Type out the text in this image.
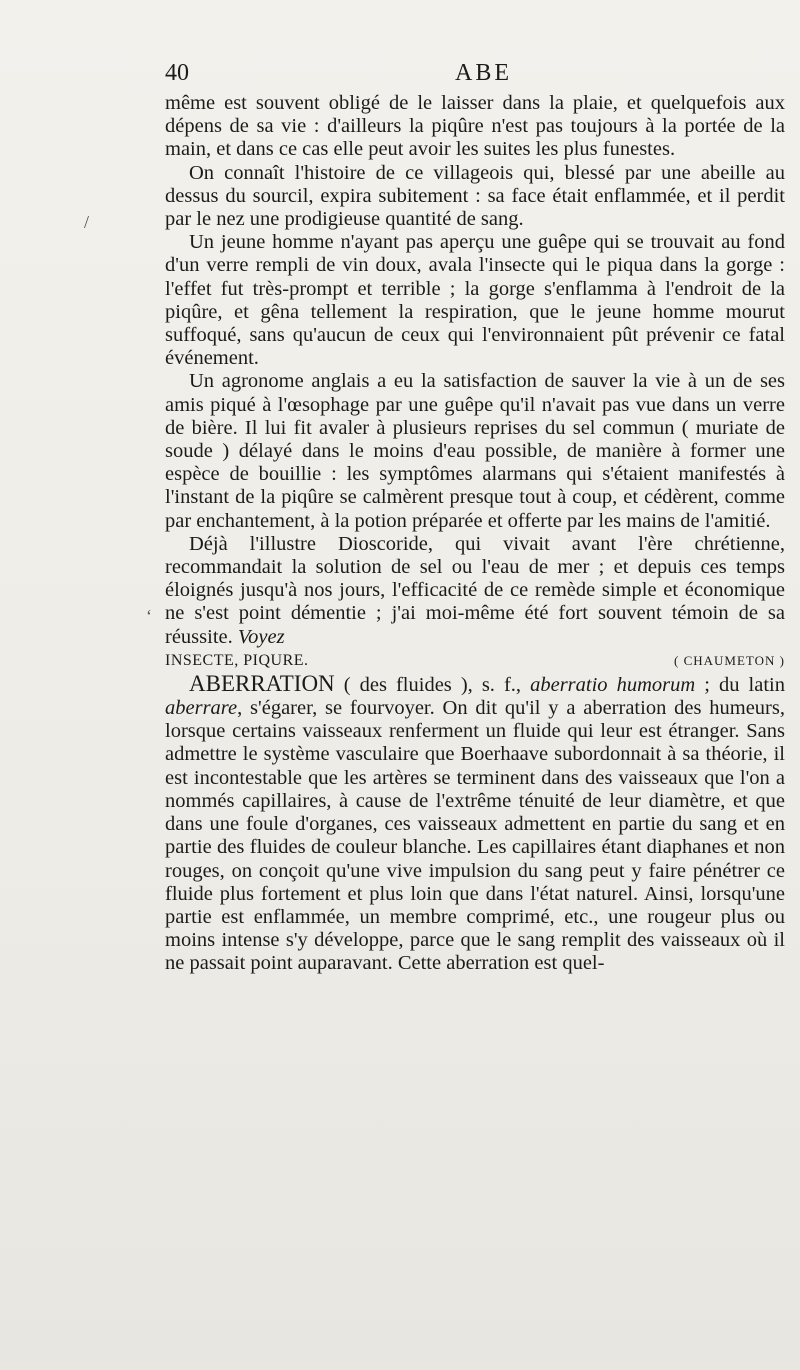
/
‘
40	ABE

même est souvent obligé de le laisser dans la plaie, et quelquefois aux dépens de sa vie : d'ailleurs la piqûre n'est pas toujours à la portée de la main, et dans ce cas elle peut avoir les suites les plus funestes.

On connaît l'histoire de ce villageois qui, blessé par une abeille au dessus du sourcil, expira subitement : sa face était enflammée, et il perdit par le nez une prodigieuse quantité de sang.

Un jeune homme n'ayant pas aperçu une guêpe qui se trouvait au fond d'un verre rempli de vin doux, avala l'insecte qui le piqua dans la gorge : l'effet fut très-prompt et terrible ; la gorge s'enflamma à l'endroit de la piqûre, et gêna tellement la respiration, que le jeune homme mourut suffoqué, sans qu'aucun de ceux qui l'environnaient pût prévenir ce fatal événement.

Un agronome anglais a eu la satisfaction de sauver la vie à un de ses amis piqué à l'œsophage par une guêpe qu'il n'avait pas vue dans un verre de bière. Il lui fit avaler à plusieurs reprises du sel commun ( muriate de soude ) délayé dans le moins d'eau possible, de manière à former une espèce de bouillie : les symptômes alarmans qui s'étaient manifestés à l'instant de la piqûre se calmèrent presque tout à coup, et cédèrent, comme par enchantement, à la potion préparée et offerte par les mains de l'amitié.

Déjà l'illustre Dioscoride, qui vivait avant l'ère chrétienne, recommandait la solution de sel ou l'eau de mer ; et depuis ces temps éloignés jusqu'à nos jours, l'efficacité de ce remède simple et économique ne s'est point démentie ; j'ai moi-même été fort souvent témoin de sa réussite. Voyez

INSECTE, PIQURE.	( CHAUMETON )

ABERRATION ( des fluides ), s. f., aberratio humorum ; du latin aberrare, s'égarer, se fourvoyer. On dit qu'il y a aberration des humeurs, lorsque certains vaisseaux renferment un fluide qui leur est étranger. Sans admettre le système vasculaire que Boerhaave subordonnait à sa théorie, il est incontestable que les artères se terminent dans des vaisseaux que l'on a nommés capillaires, à cause de l'extrême ténuité de leur diamètre, et que dans une foule d'organes, ces vaisseaux admettent en partie du sang et en partie des fluides de couleur blanche. Les capillaires étant diaphanes et non rouges, on conçoit qu'une vive impulsion du sang peut y faire pénétrer ce fluide plus fortement et plus loin que dans l'état naturel. Ainsi, lorsqu'une partie est enflammée, un membre comprimé, etc., une rougeur plus ou moins intense s'y développe, parce que le sang remplit des vaisseaux où il ne passait point auparavant. Cette aberration est quel-
